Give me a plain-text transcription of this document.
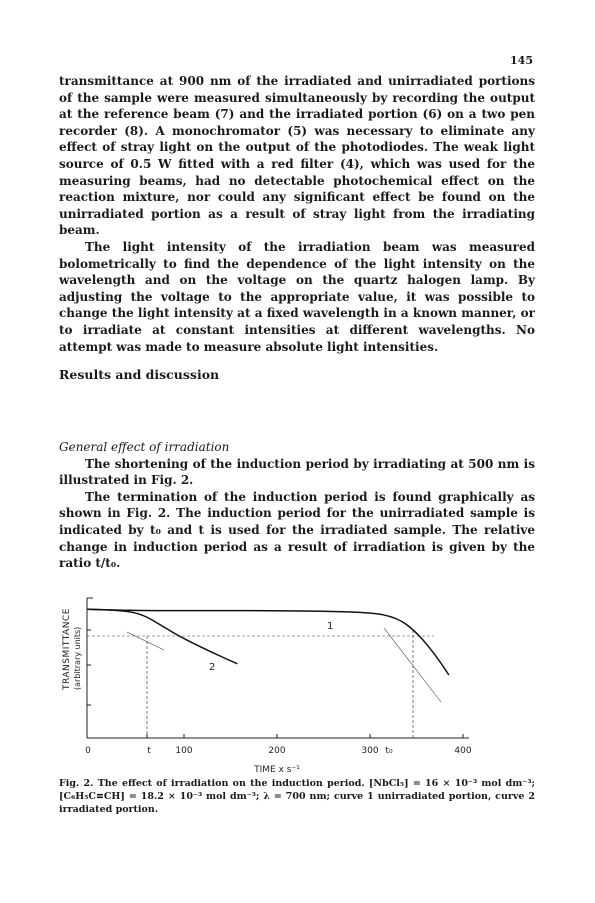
145

transmittance at 900 nm of the irradiated and unirradiated portions of the sample were measured simultaneously by recording the output at the reference beam (7) and the irradiated portion (6) on a two pen recorder (8). A monochromator (5) was necessary to eliminate any effect of stray light on the output of the photodiodes. The weak light source of 0.5 W fitted with a red filter (4), which was used for the measuring beams, had no detectable photochemical effect on the reaction mixture, nor could any significant effect be found on the unirradiated portion as a result of stray light from the irradiating beam.

The light intensity of the irradiation beam was measured bolometrically to find the dependence of the light intensity on the wavelength and on the voltage on the quartz halogen lamp. By adjusting the voltage to the appropriate value, it was possible to change the light intensity at a fixed wavelength in a known manner, or to irradiate at constant intensities at different wavelengths. No attempt was made to measure absolute light intensities.

Results and discussion

General effect of irradiation

The shortening of the induction period by irradiating at 500 nm is illustrated in Fig. 2.

The termination of the induction period is found graphically as shown in Fig. 2. The induction period for the unirradiated sample is indicated by t₀ and t is used for the irradiated sample. The relative change in induction period as a result of irradiation is given by the ratio t/t₀.

TRANSMITTANCE (arbitrary units)
1
2
0	t	100	200	300 t₀	400
TIME x s⁻¹
Fig. 2. The effect of irradiation on the induction period. [NbCl₅] = 16 × 10⁻³ mol dm⁻³; [C₆H₅C≡CH] = 18.2 × 10⁻³ mol dm⁻³; λ = 700 nm; curve 1 unirradiated portion, curve 2 irradiated portion.
